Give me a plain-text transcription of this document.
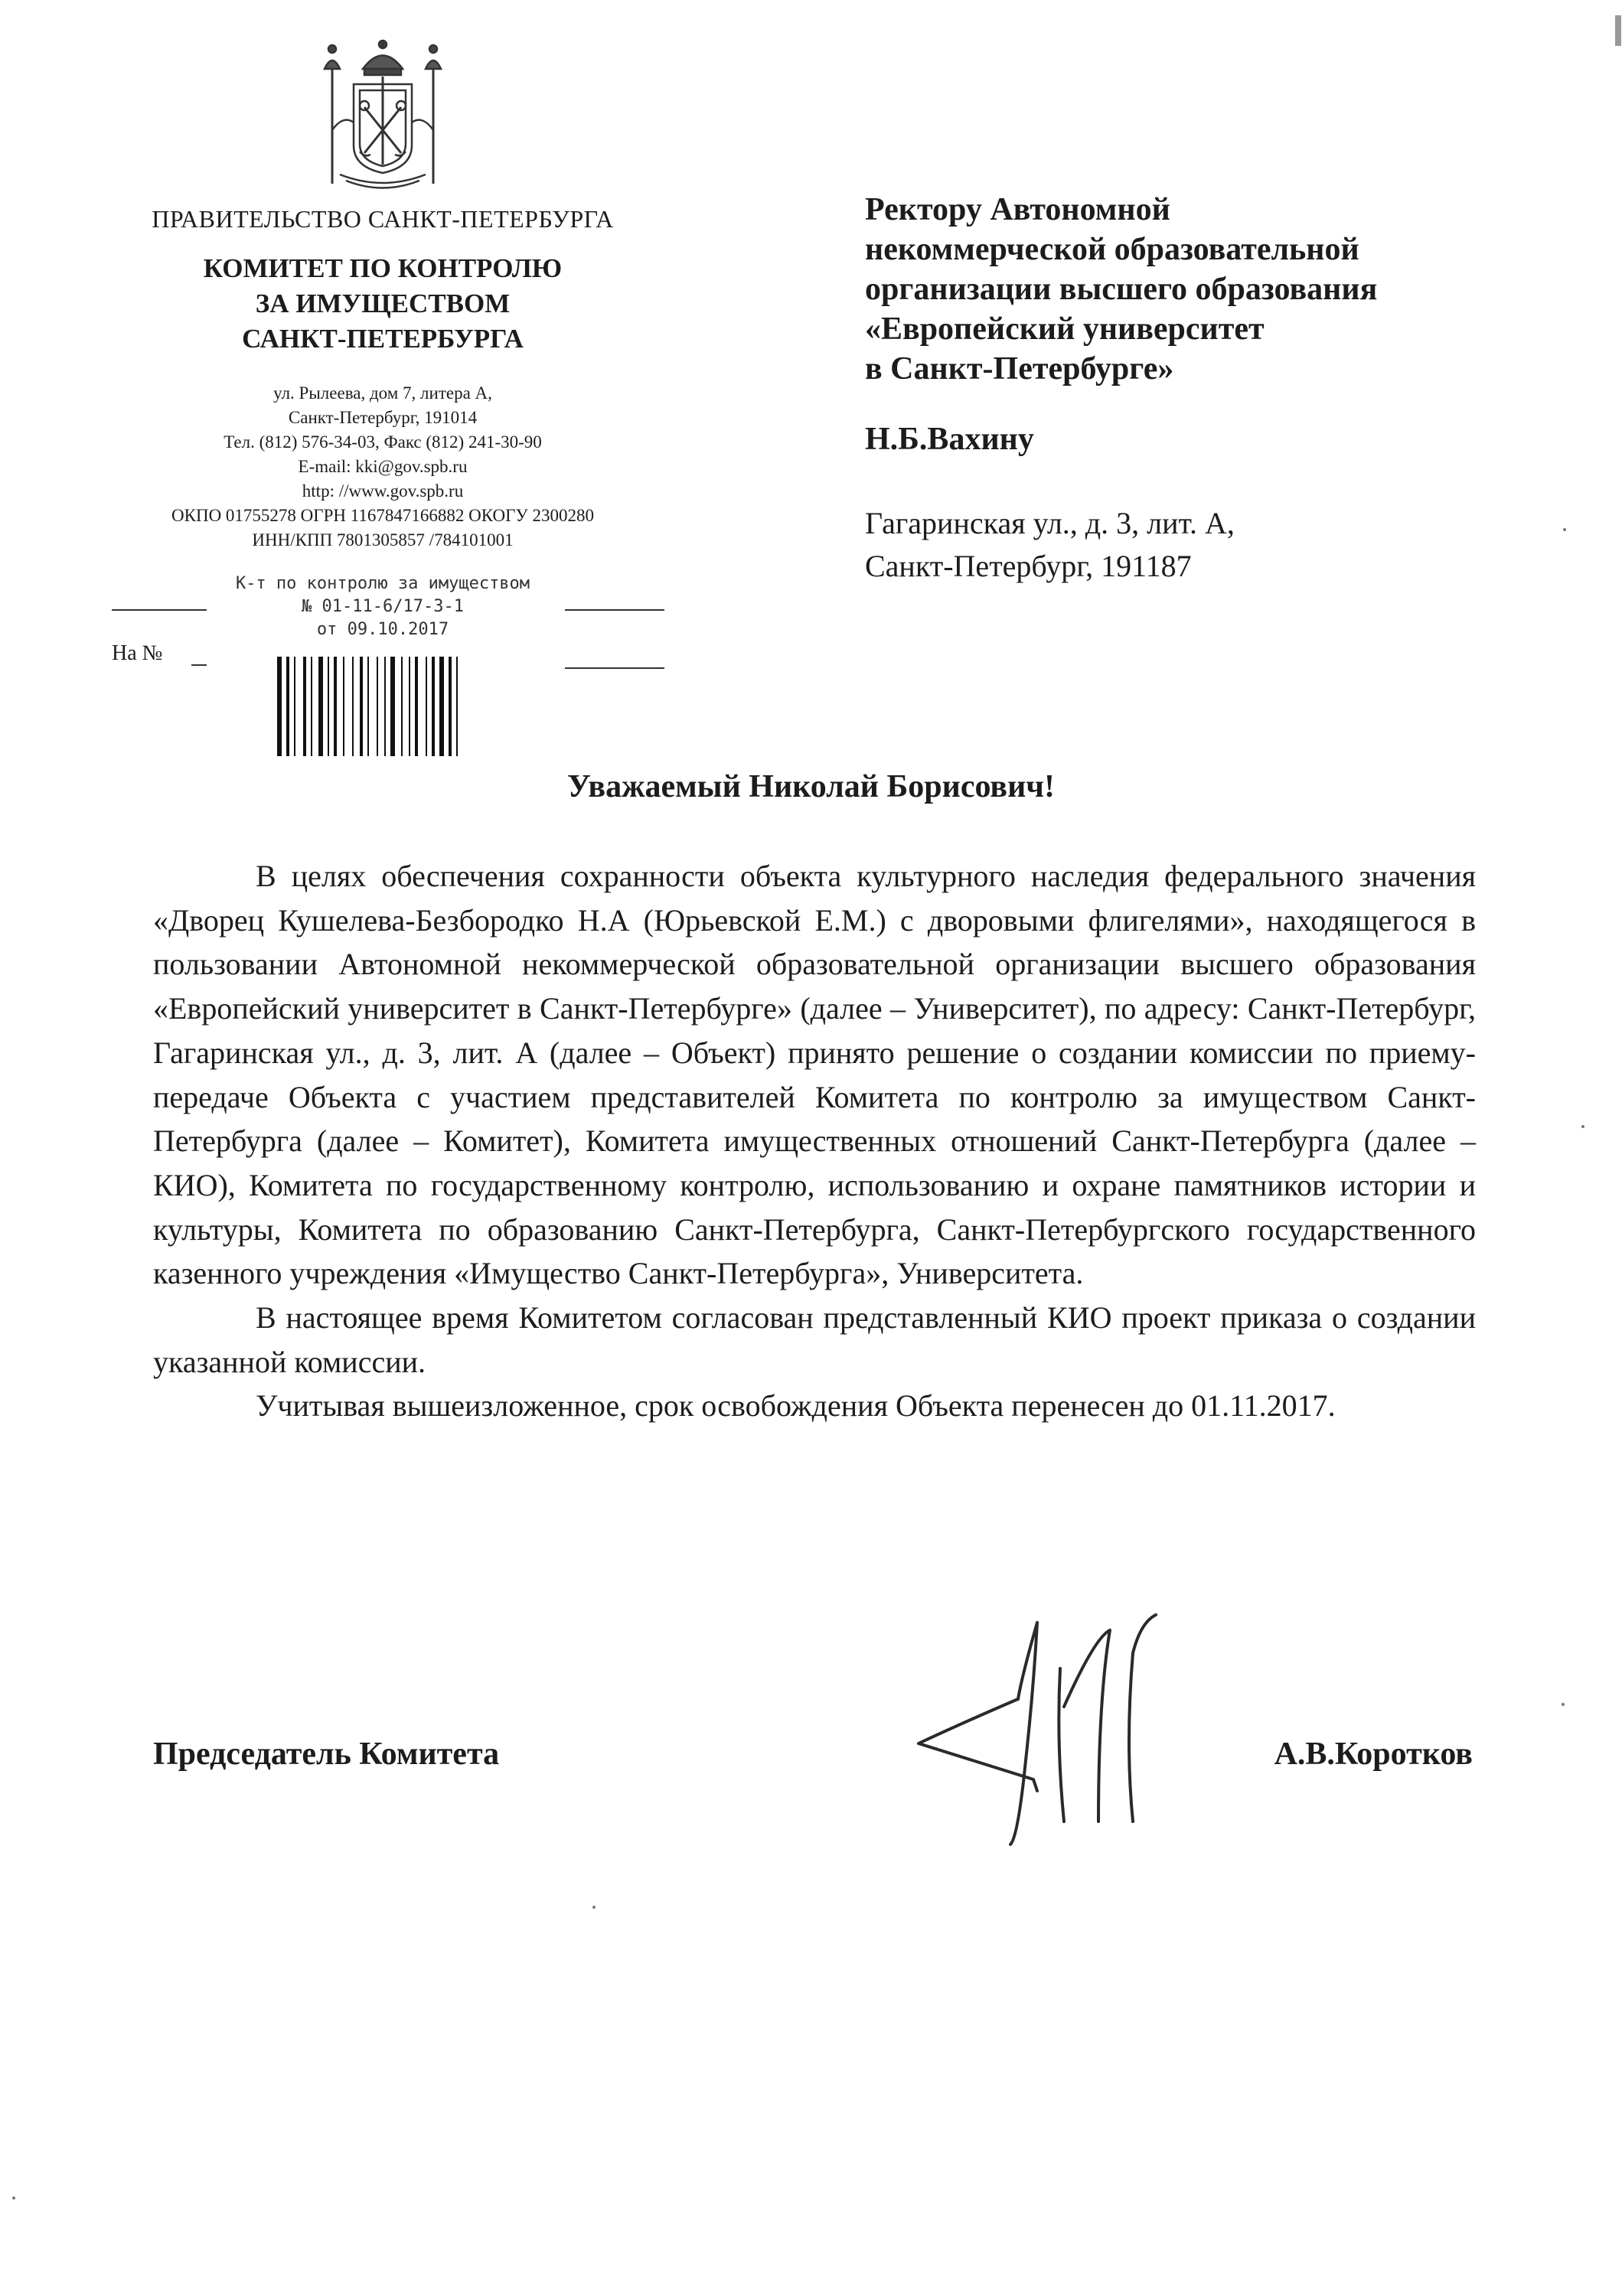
ПРАВИТЕЛЬСТВО САНКТ-ПЕТЕРБУРГА
КОМИТЕТ ПО КОНТРОЛЮ
ЗА ИМУЩЕСТВОМ
САНКТ-ПЕТЕРБУРГА
ул. Рылеева, дом 7, литера А,
Санкт-Петербург, 191014
Тел. (812) 576-34-03, Факс (812) 241-30-90
E-mail: kki@gov.spb.ru
http: //www.gov.spb.ru
ОКПО 01755278 ОГРН 1167847166882 ОКОГУ 2300280
ИНН/КПП 7801305857 /784101001
К-т по контролю за имуществом
№ 01-11-6/17-3-1
от 09.10.2017
На №
Ректору Автономной
некоммерческой образовательной
организации высшего образования
«Европейский университет
в Санкт-Петербурге»
Н.Б.Вахину
Гагаринская ул., д. 3, лит. А,
Санкт-Петербург, 191187
Уважаемый Николай Борисович!

В целях обеспечения сохранности объекта культурного наследия федерального значения «Дворец Кушелева-Безбородко Н.А (Юрьевской Е.М.) с дворовыми флигелями», находящегося в пользовании Автономной некоммерческой образовательной организации высшего образования «Европейский университет в Санкт-Петербурге» (далее – Университет), по адресу: Санкт-Петербург, Гагаринская ул., д. 3, лит. А (далее – Объект) принято решение о создании комиссии по приему-передаче Объекта с участием представителей Комитета по контролю за имуществом Санкт-Петербурга (далее – Комитет), Комитета имущественных отношений Санкт-Петербурга (далее – КИО), Комитета по государственному контролю, использованию и охране памятников истории и культуры, Комитета по образованию Санкт-Петербурга, Санкт-Петербургского государственного казенного учреждения «Имущество Санкт-Петербурга», Университета.

В настоящее время Комитетом согласован представленный КИО проект приказа о создании указанной комиссии.

Учитывая вышеизложенное, срок освобождения Объекта перенесен до 01.11.2017.

Председатель Комитета	А.В.Коротков
